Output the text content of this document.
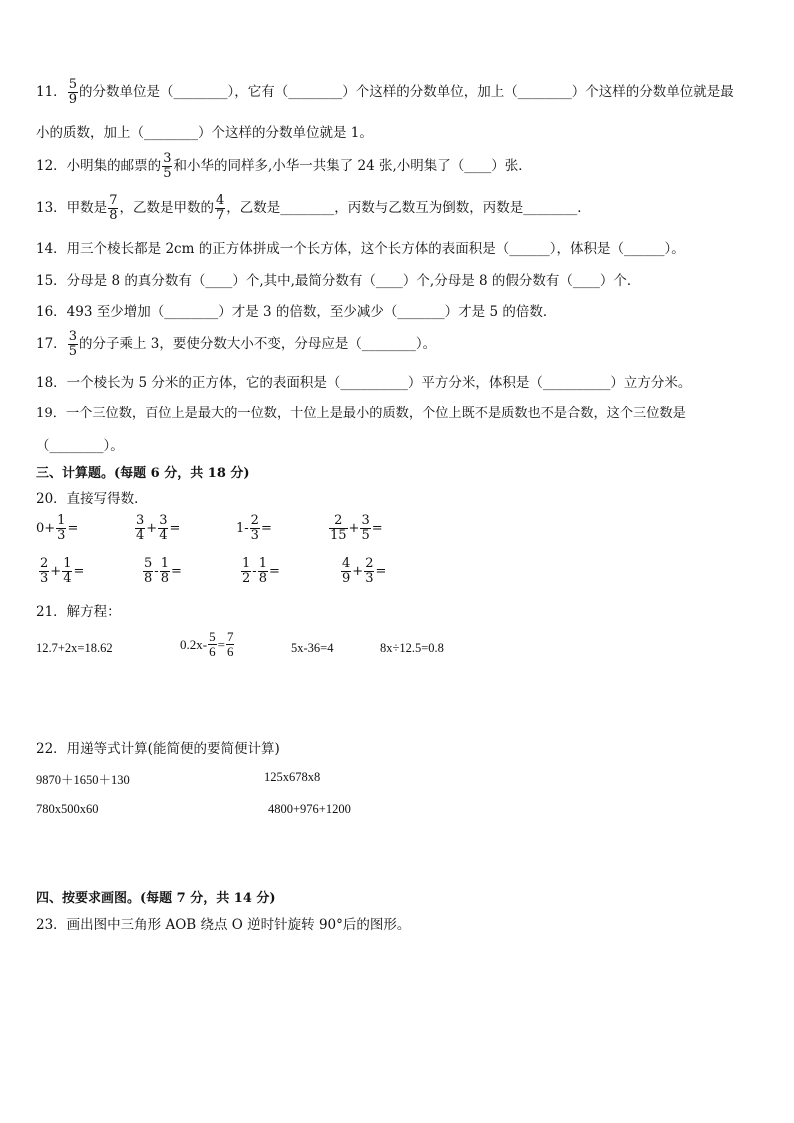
11． $\frac{5}{9}$ 的分数单位是（________），它有（________）个这样的分数单位，加上（________）个这样的分数单位就是最
小的质数，加上（________）个这样的分数单位就是 1。
12．小明集的邮票的 $\frac{3}{5}$ 和小华的同样多,小华一共集了 24 张,小明集了（____）张．
13．甲数是 $\frac{7}{8}$ ，乙数是甲数的 $\frac{4}{7}$ ，乙数是________，丙数与乙数互为倒数，丙数是________．
14．用三个棱长都是 2cm 的正方体拼成一个长方体，这个长方体的表面积是（______），体积是（______）。
15．分母是 8 的真分数有（____）个,其中,最简分数有（____）个,分母是 8 的假分数有（____）个．
16．493 至少增加（________）才是 3 的倍数，至少减少（_______）才是 5 的倍数．
17． $\frac{3}{5}$ 的分子乘上 3，要使分数大小不变，分母应是（________）。
18．一个棱长为 5 分米的正方体，它的表面积是（__________）平方分米，体积是（__________）立方分米。
19．一个三位数，百位上是最大的一位数，十位上是最小的质数，个位上既不是质数也不是合数，这个三位数是
（________）。
三、计算题。(每题 6 分，共 18 分)
20．直接写得数．
$0+ \frac{1}{3}$ =	$\frac{3}{4} + \frac{3}{4}$ =	$1- \frac{2}{3}$ =	$\frac{2}{15} + \frac{3}{5}$ =
$\frac{2}{3} + \frac{1}{4}$ =	$\frac{5}{8} - \frac{1}{8}$ =	$\frac{1}{2} - \frac{1}{8}$ =	$\frac{4}{9} + \frac{2}{3}$ =
21．解方程：
12.7+2x=18.62	$0.2x- \frac{5}{6} = \frac{7}{6}$	5x-36=4	8x÷12.5=0.8
22．用递等式计算(能简便的要简便计算)
9870＋1650＋130	125x678x8
780x500x60	4800+976+1200
四、按要求画图。(每题 7 分，共 14 分)
23．画出图中三角形 AOB 绕点 O 逆时针旋转 90°后的图形。
